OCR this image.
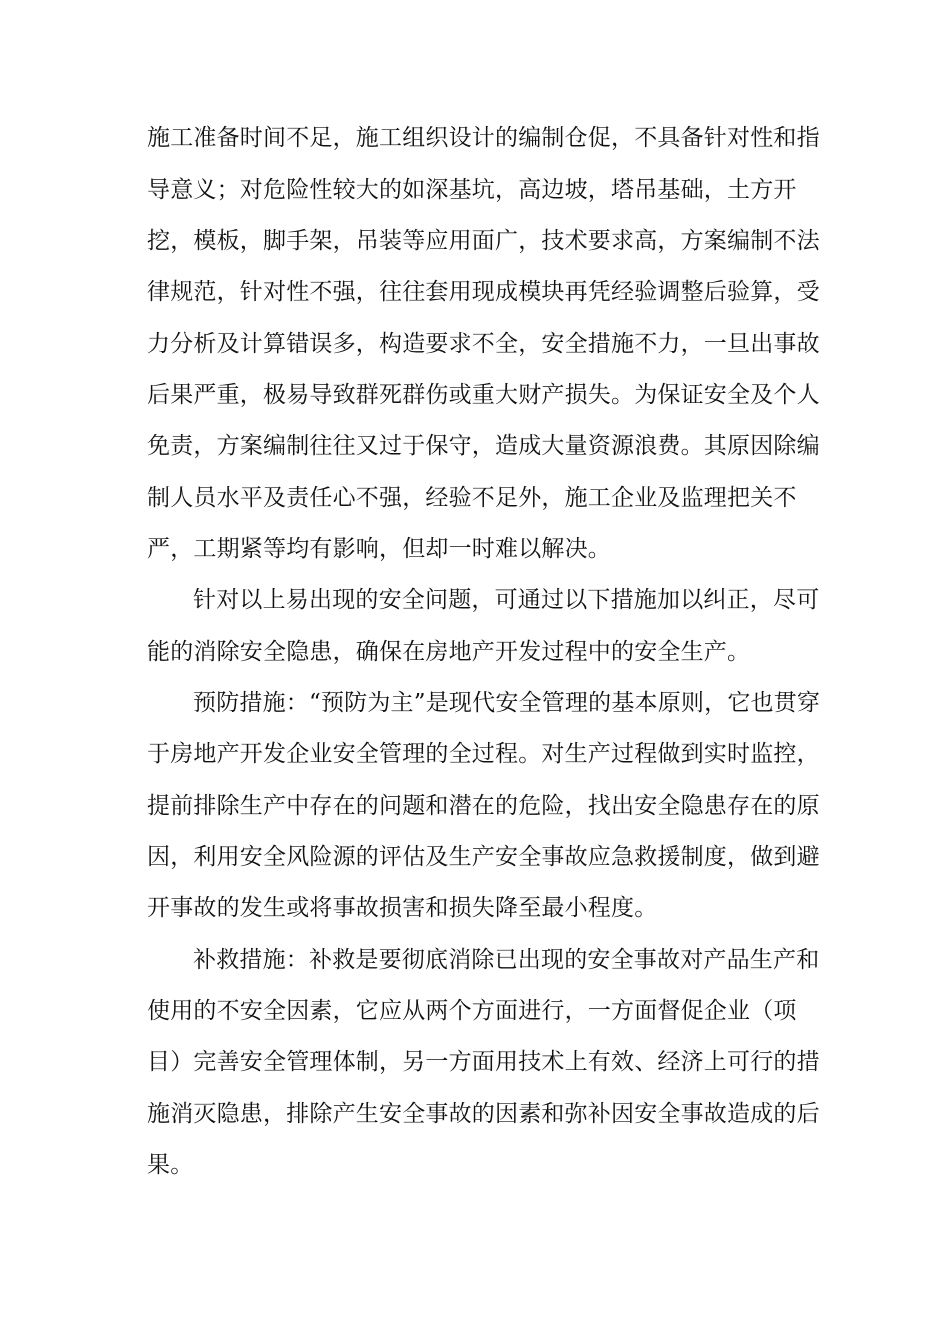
施工准备时间不足，施工组织设计的编制仓促，不具备针对性和指
导意义；对危险性较大的如深基坑，高边坡，塔吊基础，土方开
挖，模板，脚手架，吊装等应用面广，技术要求高，方案编制不法
律规范，针对性不强，往往套用现成模块再凭经验调整后验算，受
力分析及计算错误多，构造要求不全，安全措施不力，一旦出事故
后果严重，极易导致群死群伤或重大财产损失。为保证安全及个人
免责，方案编制往往又过于保守，造成大量资源浪费。其原因除编
制人员水平及责任心不强，经验不足外，施工企业及监理把关不
严，工期紧等均有影响，但却一时难以解决。
针对以上易出现的安全问题，可通过以下措施加以纠正，尽可
能的消除安全隐患，确保在房地产开发过程中的安全生产。
预防措施：“预防为主”是现代安全管理的基本原则，它也贯穿
于房地产开发企业安全管理的全过程。对生产过程做到实时监控，
提前排除生产中存在的问题和潜在的危险，找出安全隐患存在的原
因，利用安全风险源的评估及生产安全事故应急救援制度，做到避
开事故的发生或将事故损害和损失降至最小程度。
补救措施：补救是要彻底消除已出现的安全事故对产品生产和
使用的不安全因素，它应从两个方面进行，一方面督促企业（项
目）完善安全管理体制，另一方面用技术上有效、经济上可行的措
施消灭隐患，排除产生安全事故的因素和弥补因安全事故造成的后
果。
